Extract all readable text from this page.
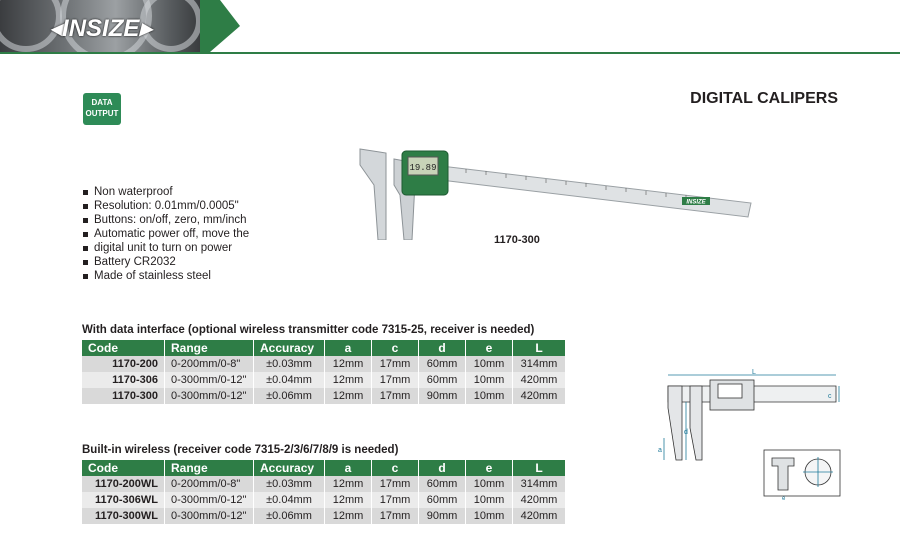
◂INSIZE▸
DATA
OUTPUT
DIGITAL CALIPERS
Non waterproof
Resolution: 0.01mm/0.0005"
Buttons: on/off, zero, mm/inch
Automatic power off, move the
digital unit to turn on power
Battery CR2032
Made of stainless steel
19.89
INSIZE
1170-300
With data interface (optional wireless transmitter code 7315-25, receiver is needed)
Code	Range	Accuracy	a	c	d	e	L
1170-200	0-200mm/0-8"	±0.03mm	12mm	17mm	60mm	10mm	314mm
1170-306	0-300mm/0-12"	±0.04mm	12mm	17mm	60mm	10mm	420mm
1170-300	0-300mm/0-12"	±0.06mm	12mm	17mm	90mm	10mm	420mm
Built-in wireless (receiver code 7315-2/3/6/7/8/9 is needed)
Code	Range	Accuracy	a	c	d	e	L
1170-200WL	0-200mm/0-8"	±0.03mm	12mm	17mm	60mm	10mm	314mm
1170-306WL	0-300mm/0-12"	±0.04mm	12mm	17mm	60mm	10mm	420mm
1170-300WL	0-300mm/0-12"	±0.06mm	12mm	17mm	90mm	10mm	420mm
L
c
d
a
e
